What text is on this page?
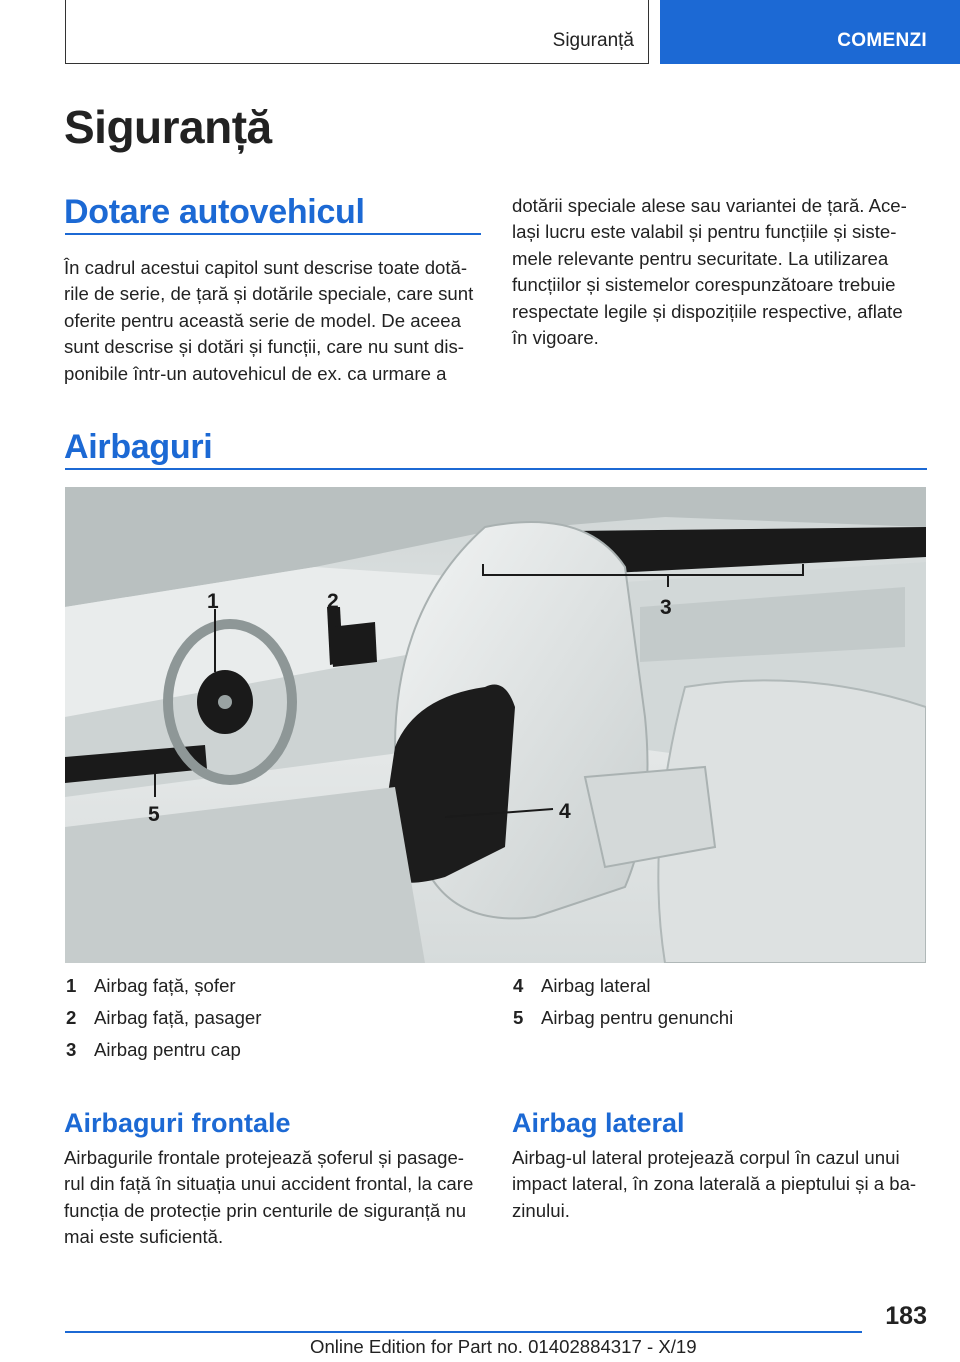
Siguranță	COMENZI
Siguranță
Dotare autovehicul
În cadrul acestui capitol sunt descrise toate dotă‐
rile de serie, de țară și dotările speciale, care sunt
oferite pentru această serie de model. De aceea
sunt descrise și dotări și funcții, care nu sunt dis‐
ponibile într-un autovehicul de ex. ca urmare a
dotării speciale alese sau variantei de țară. Ace‐
lași lucru este valabil și pentru funcțiile și siste‐
mele relevante pentru securitate. La utilizarea
funcțiilor și sistemelor corespunzătoare trebuie
respectate legile și dispozițiile respective, aflate
în vigoare.
Airbaguri
1	2	3
4
5
1 Airbag față, șofer
2 Airbag față, pasager
3 Airbag pentru cap
4 Airbag lateral
5 Airbag pentru genunchi
Airbaguri frontale
Airbagurile frontale protejează șoferul și pasage‐
rul din față în situația unui accident frontal, la care
funcția de protecție prin centurile de siguranță nu
mai este suficientă.
Airbag lateral
Airbag-ul lateral protejează corpul în cazul unui
impact lateral, în zona laterală a pieptului și a ba‐
zinului.
183
Online Edition for Part no. 01402884317 - X/19
